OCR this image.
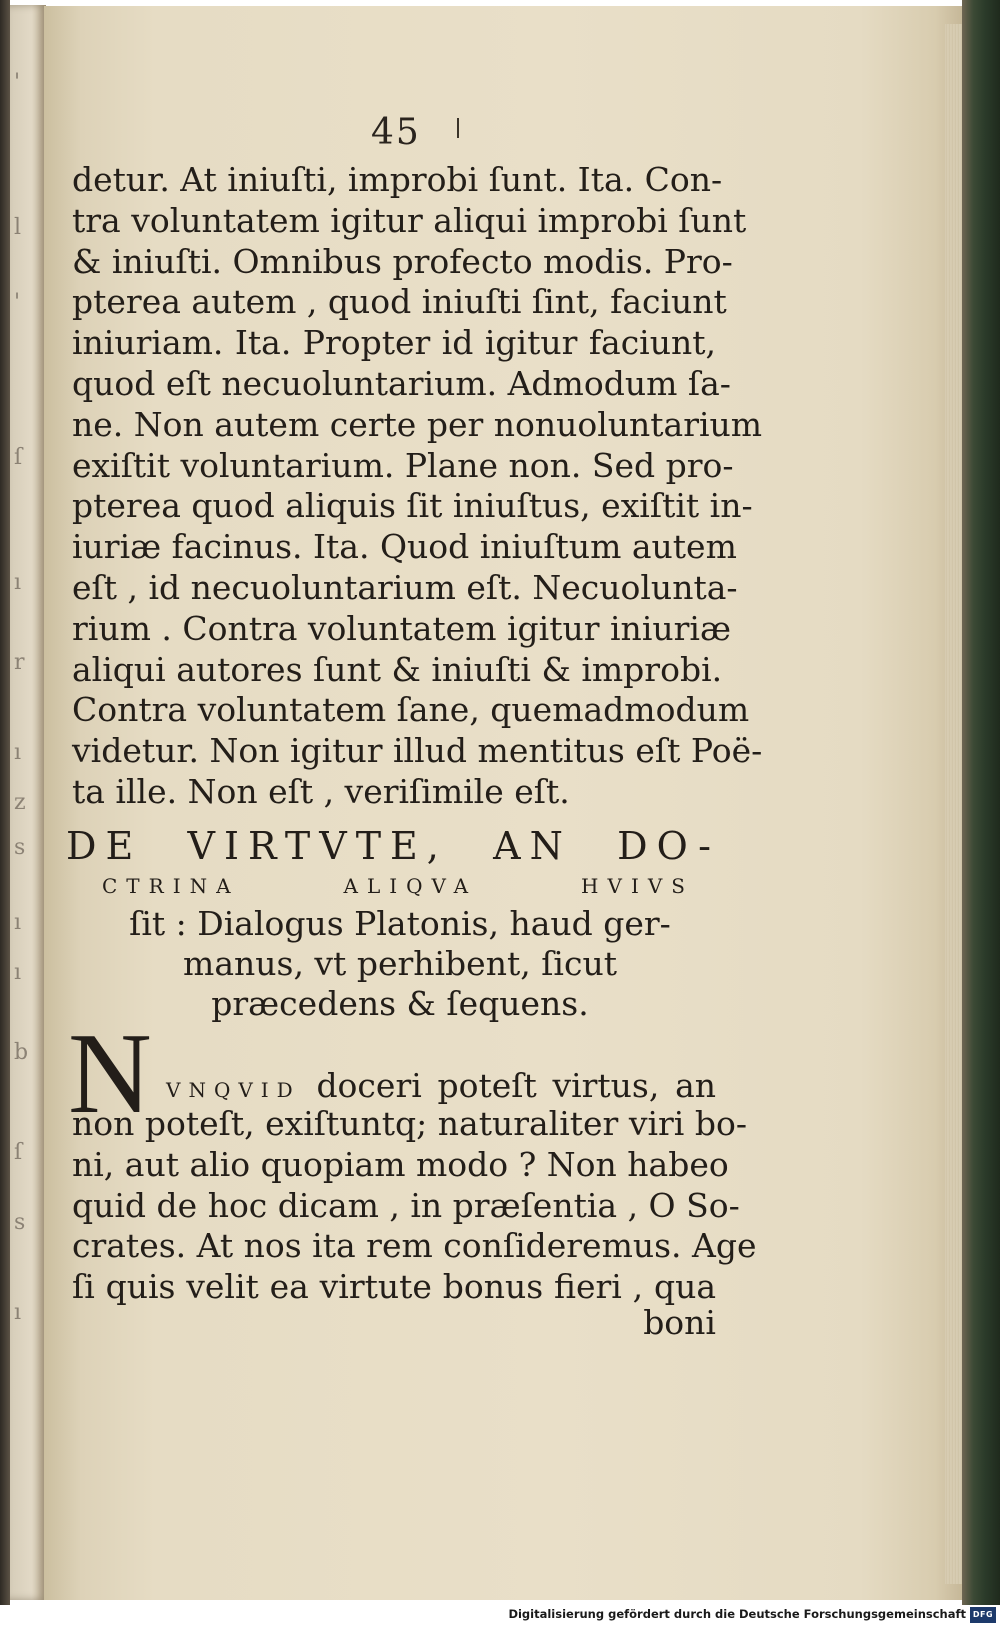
'
l
'
ſ
ı
r
ı
z
s
ı
ı
b
ſ
s
ı
45
detur. At iniuſti, improbi ſunt. Ita. Con-
tra voluntatem igitur aliqui improbi ſunt
& iniuſti. Omnibus profecto modis. Pro-
pterea autem , quod iniuſti ſint, faciunt
iniuriam. Ita. Propter id igitur faciunt,
quod eſt necuoluntarium. Admodum ſa-
ne. Non autem certe per nonuoluntarium
exiſtit voluntarium. Plane non. Sed pro-
pterea quod aliquis ſit iniuſtus, exiſtit in-
iuriæ facinus. Ita. Quod iniuſtum autem
eſt , id necuoluntarium eſt. Necuolunta-
rium . Contra voluntatem igitur iniuriæ
aliqui autores ſunt & iniuſti & improbi.
Contra voluntatem ſane, quemadmodum
videtur. Non igitur illud mentitus eſt Poë-
ta ille. Non eſt , veriſimile eſt.
DE VIRTVTE, AN DO-
CTRINA ALIQVA HVIVS
ſit : Dialogus Platonis, haud ger-
manus, vt perhibent, ſicut
præcedens & ſequens.
N VNQVID doceri poteſt virtus, an
non poteſt, exiſtuntq; naturaliter viri bo-
ni, aut alio quopiam modo ? Non habeo
quid de hoc dicam , in præſentia , O So-
crates. At nos ita rem conſideremus. Age
ſi quis velit ea virtute bonus fieri , qua
boni
Digitalisierung gefördert durch die Deutsche Forschungsgemeinschaft DFG
